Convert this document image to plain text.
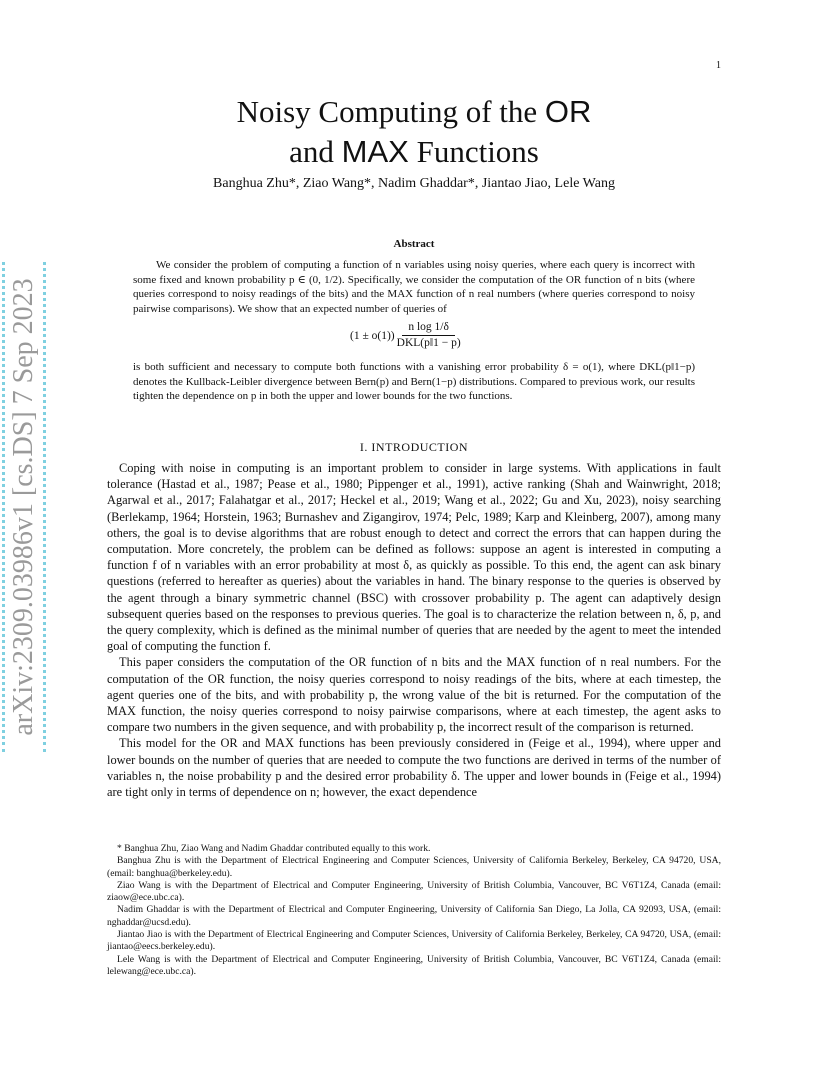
1
arXiv:2309.03986v1 [cs.DS] 7 Sep 2023
Noisy Computing of the OR
and MAX Functions
Banghua Zhu*, Ziao Wang*, Nadim Ghaddar*, Jiantao Jiao, Lele Wang
Abstract
We consider the problem of computing a function of n variables using noisy queries, where each query is incorrect with some fixed and known probability p ∈ (0, 1/2). Specifically, we consider the computation of the OR function of n bits (where queries correspond to noisy readings of the bits) and the MAX function of n real numbers (where queries correspond to noisy pairwise comparisons). We show that an expected number of queries of
$(1 \pm o(1)) \frac{\text{n log 1/δ}}{\text{DKL(p‖1 − p)}}$
is both sufficient and necessary to compute both functions with a vanishing error probability δ = o(1), where DKL(p‖1−p) denotes the Kullback-Leibler divergence between Bern(p) and Bern(1−p) distributions. Compared to previous work, our results tighten the dependence on p in both the upper and lower bounds for the two functions.
I. INTRODUCTION

Coping with noise in computing is an important problem to consider in large systems. With applications in fault tolerance (Hastad et al., 1987; Pease et al., 1980; Pippenger et al., 1991), active ranking (Shah and Wainwright, 2018; Agarwal et al., 2017; Falahatgar et al., 2017; Heckel et al., 2019; Wang et al., 2022; Gu and Xu, 2023), noisy searching (Berlekamp, 1964; Horstein, 1963; Burnashev and Zigangirov, 1974; Pelc, 1989; Karp and Kleinberg, 2007), among many others, the goal is to devise algorithms that are robust enough to detect and correct the errors that can happen during the computation. More concretely, the problem can be defined as follows: suppose an agent is interested in computing a function f of n variables with an error probability at most δ, as quickly as possible. To this end, the agent can ask binary questions (referred to hereafter as queries) about the variables in hand. The binary response to the queries is observed by the agent through a binary symmetric channel (BSC) with crossover probability p. The agent can adaptively design subsequent queries based on the responses to previous queries. The goal is to characterize the relation between n, δ, p, and the query complexity, which is defined as the minimal number of queries that are needed by the agent to meet the intended goal of computing the function f.

This paper considers the computation of the OR function of n bits and the MAX function of n real numbers. For the computation of the OR function, the noisy queries correspond to noisy readings of the bits, where at each timestep, the agent queries one of the bits, and with probability p, the wrong value of the bit is returned. For the computation of the MAX function, the noisy queries correspond to noisy pairwise comparisons, where at each timestep, the agent asks to compare two numbers in the given sequence, and with probability p, the incorrect result of the comparison is returned.

This model for the OR and MAX functions has been previously considered in (Feige et al., 1994), where upper and lower bounds on the number of queries that are needed to compute the two functions are derived in terms of the number of variables n, the noise probability p and the desired error probability δ. The upper and lower bounds in (Feige et al., 1994) are tight only in terms of dependence on n; however, the exact dependence

* Banghua Zhu, Ziao Wang and Nadim Ghaddar contributed equally to this work.

Banghua Zhu is with the Department of Electrical Engineering and Computer Sciences, University of California Berkeley, Berkeley, CA 94720, USA, (email: banghua@berkeley.edu).

Ziao Wang is with the Department of Electrical and Computer Engineering, University of British Columbia, Vancouver, BC V6T1Z4, Canada (email: ziaow@ece.ubc.ca).

Nadim Ghaddar is with the Department of Electrical and Computer Engineering, University of California San Diego, La Jolla, CA 92093, USA, (email: nghaddar@ucsd.edu).

Jiantao Jiao is with the Department of Electrical Engineering and Computer Sciences, University of California Berkeley, Berkeley, CA 94720, USA, (email: jiantao@eecs.berkeley.edu).

Lele Wang is with the Department of Electrical and Computer Engineering, University of British Columbia, Vancouver, BC V6T1Z4, Canada (email: lelewang@ece.ubc.ca).
